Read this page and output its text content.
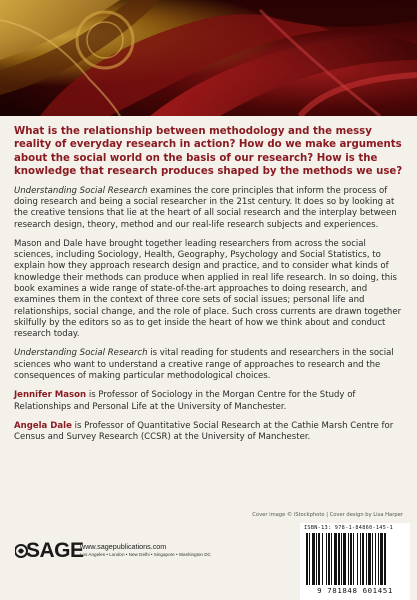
What is the relationship between methodology and the messy reality of everyday research in action? How do we make arguments about the social world on the basis of our research? How is the knowledge that research produces shaped by the methods we use?

Understanding Social Research examines the core principles that inform the process of doing research and being a social researcher in the 21st century. It does so by looking at the creative tensions that lie at the heart of all social research and the interplay between research design, theory, method and our real-life research subjects and experiences.

Mason and Dale have brought together leading researchers from across the social sciences, including Sociology, Health, Geography, Psychology and Social Statistics, to explain how they approach research design and practice, and to consider what kinds of knowledge their methods can produce when applied in real life research. In so doing, this book examines a wide range of state-of-the-art approaches to doing research, and examines them in the context of three core sets of social issues; personal life and relationships, social change, and the role of place. Such cross currents are drawn together skilfully by the editors so as to get inside the heart of how we think about and conduct research today.

Understanding Social Research is vital reading for students and researchers in the social sciences who want to understand a creative range of approaches to research and the consequences of making particular methodological choices.

Jennifer Mason is Professor of Sociology in the Morgan Centre for the Study of Relationships and Personal Life at the University of Manchester.

Angela Dale is Professor of Quantitative Social Research at the Cathie Marsh Centre for Census and Survey Research (CCSR) at the University of Manchester.

Cover image © iStockphoto | Cover design by Lisa Harper
SAGE
www.sagepublications.com
Los Angeles • London • New Delhi • Singapore • Washington DC
ISBN-13: 978-1-84860-145-1
9 781848 601451
